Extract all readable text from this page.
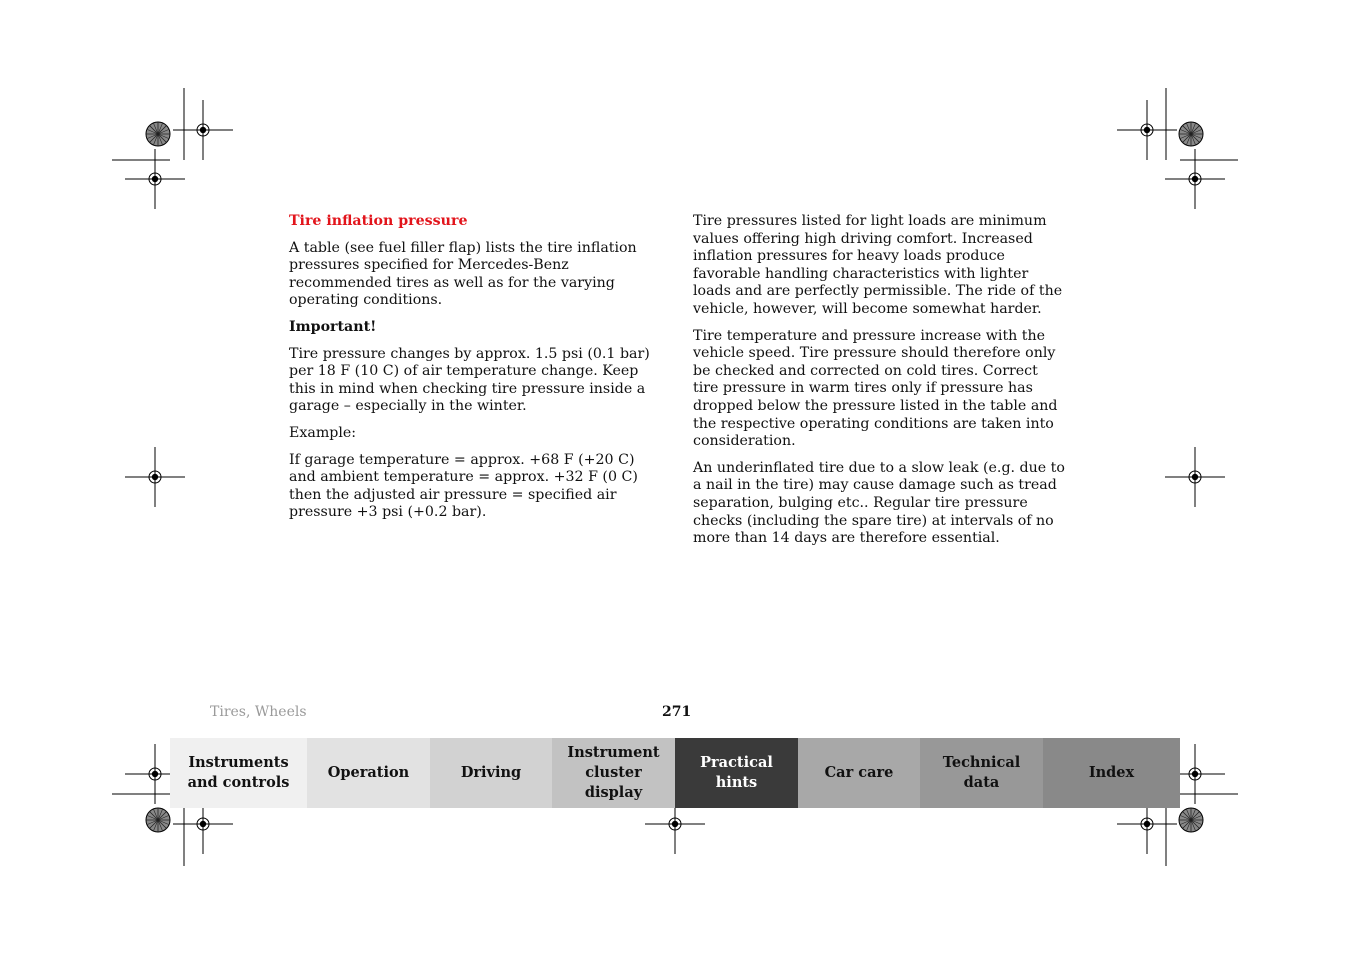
Tire inflation pressure

A table (see fuel filler flap) lists the tire inflation pressures specified for Mercedes-Benz recommended tires as well as for the varying operating conditions.

Important!

Tire pressure changes by approx. 1.5 psi (0.1 bar) per 18 F (10 C) of air temperature change. Keep this in mind when checking tire pressure inside a garage – especially in the winter.

Example:

If garage temperature = approx. +68 F (+20 C) and ambient temperature = approx. +32 F (0 C) then the adjusted air pressure = specified air pressure +3 psi (+0.2 bar).

Tire pressures listed for light loads are minimum values offering high driving comfort. Increased inflation pressures for heavy loads produce favorable handling characteristics with lighter loads and are perfectly permissible. The ride of the vehicle, however, will become somewhat harder.

Tire temperature and pressure increase with the vehicle speed. Tire pressure should therefore only be checked and corrected on cold tires. Correct tire pressure in warm tires only if pressure has dropped below the pressure listed in the table and the respective operating conditions are taken into consideration.

An underinflated tire due to a slow leak (e.g. due to a nail in the tire) may cause damage such as tread separation, bulging etc.. Regular tire pressure checks (including the spare tire) at intervals of no more than 14 days are therefore essential.

Tires, Wheels	271
Instruments
and controls
Operation	Driving
Instrument
cluster display
Practical hints
Car care
Technical
data
Index
